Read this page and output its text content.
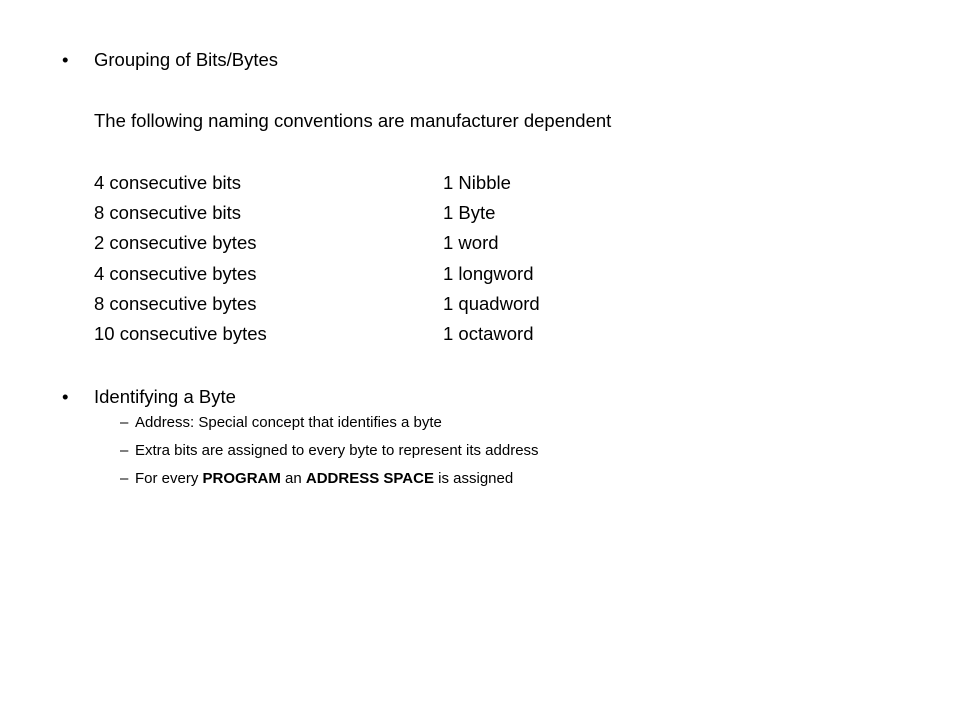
• Grouping of Bits/Bytes
The following naming conventions are manufacturer dependent
4 consecutive bits	1 Nibble
8 consecutive bits	1 Byte
2 consecutive bytes	1 word
4 consecutive bytes	1 longword
8 consecutive bytes	1 quadword
10 consecutive bytes	1 octaword
• Identifying a Byte
– Address: Special concept that identifies a byte
– Extra bits are assigned to every byte to represent its address
– For every PROGRAM an ADDRESS SPACE is assigned
